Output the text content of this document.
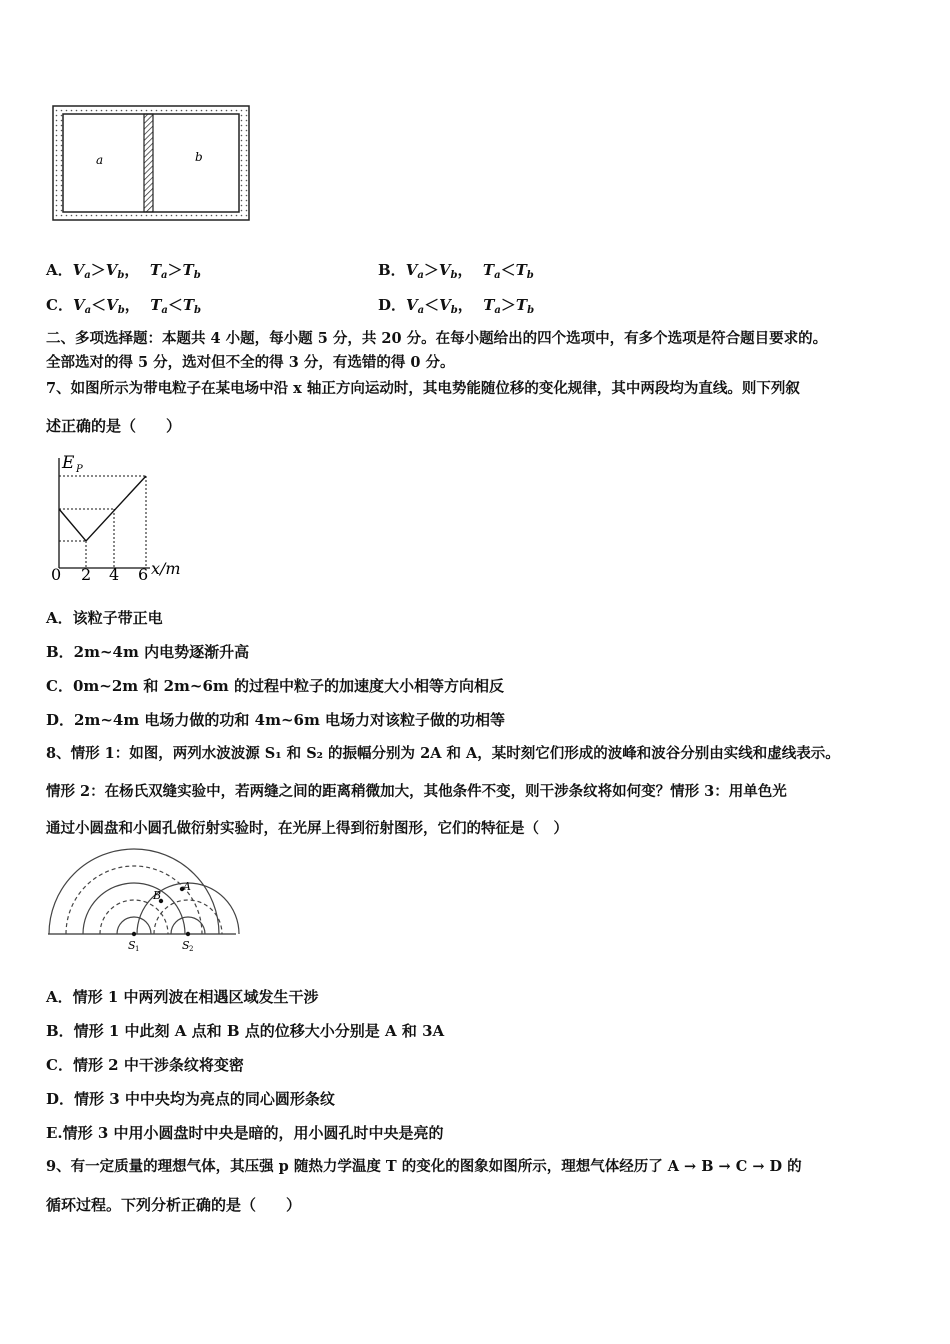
a	b
A．$V_a>V_b$，  $T_a>T_b$	B．$V_a>V_b$，  $T_a<T_b$
C．$V_a<V_b$，  $T_a<T_b$	D．$V_a<V_b$，  $T_a>T_b$
二、多项选择题：本题共 4 小题，每小题 5 分，共 20 分。在每小题给出的四个选项中，有多个选项是符合题目要求的。
全部选对的得 5 分，选对但不全的得 3 分，有选错的得 0 分。
7、如图所示为带电粒子在某电场中沿 x 轴正方向运动时，其电势能随位移的变化规律，其中两段均为直线。则下列叙
述正确的是（　　）
E P
0 2 4 6 x/m
A．该粒子带正电
B．2m~4m 内电势逐渐升高
C．0m~2m 和 2m~6m 的过程中粒子的加速度大小相等方向相反
D．2m~4m 电场力做的功和 4m~6m 电场力对该粒子做的功相等
8、情形 1：如图，两列水波波源 S₁ 和 S₂ 的振幅分别为 2A 和 A，某时刻它们形成的波峰和波谷分别由实线和虚线表示。
情形 2：在杨氏双缝实验中，若两缝之间的距离稍微加大，其他条件不变，则干涉条纹将如何变？情形 3：用单色光
通过小圆盘和小圆孔做衍射实验时，在光屏上得到衍射图形，它们的特征是（　）
A
B
S 1	S 2
A．情形 1 中两列波在相遇区域发生干涉
B．情形 1 中此刻 A 点和 B 点的位移大小分别是 A 和 3A
C．情形 2 中干涉条纹将变密
D．情形 3 中中央均为亮点的同心圆形条纹
E.情形 3 中用小圆盘时中央是暗的，用小圆孔时中央是亮的
9、有一定质量的理想气体，其压强 p 随热力学温度 T 的变化的图象如图所示，理想气体经历了 A → B → C → D 的
循环过程。下列分析正确的是（　　）
